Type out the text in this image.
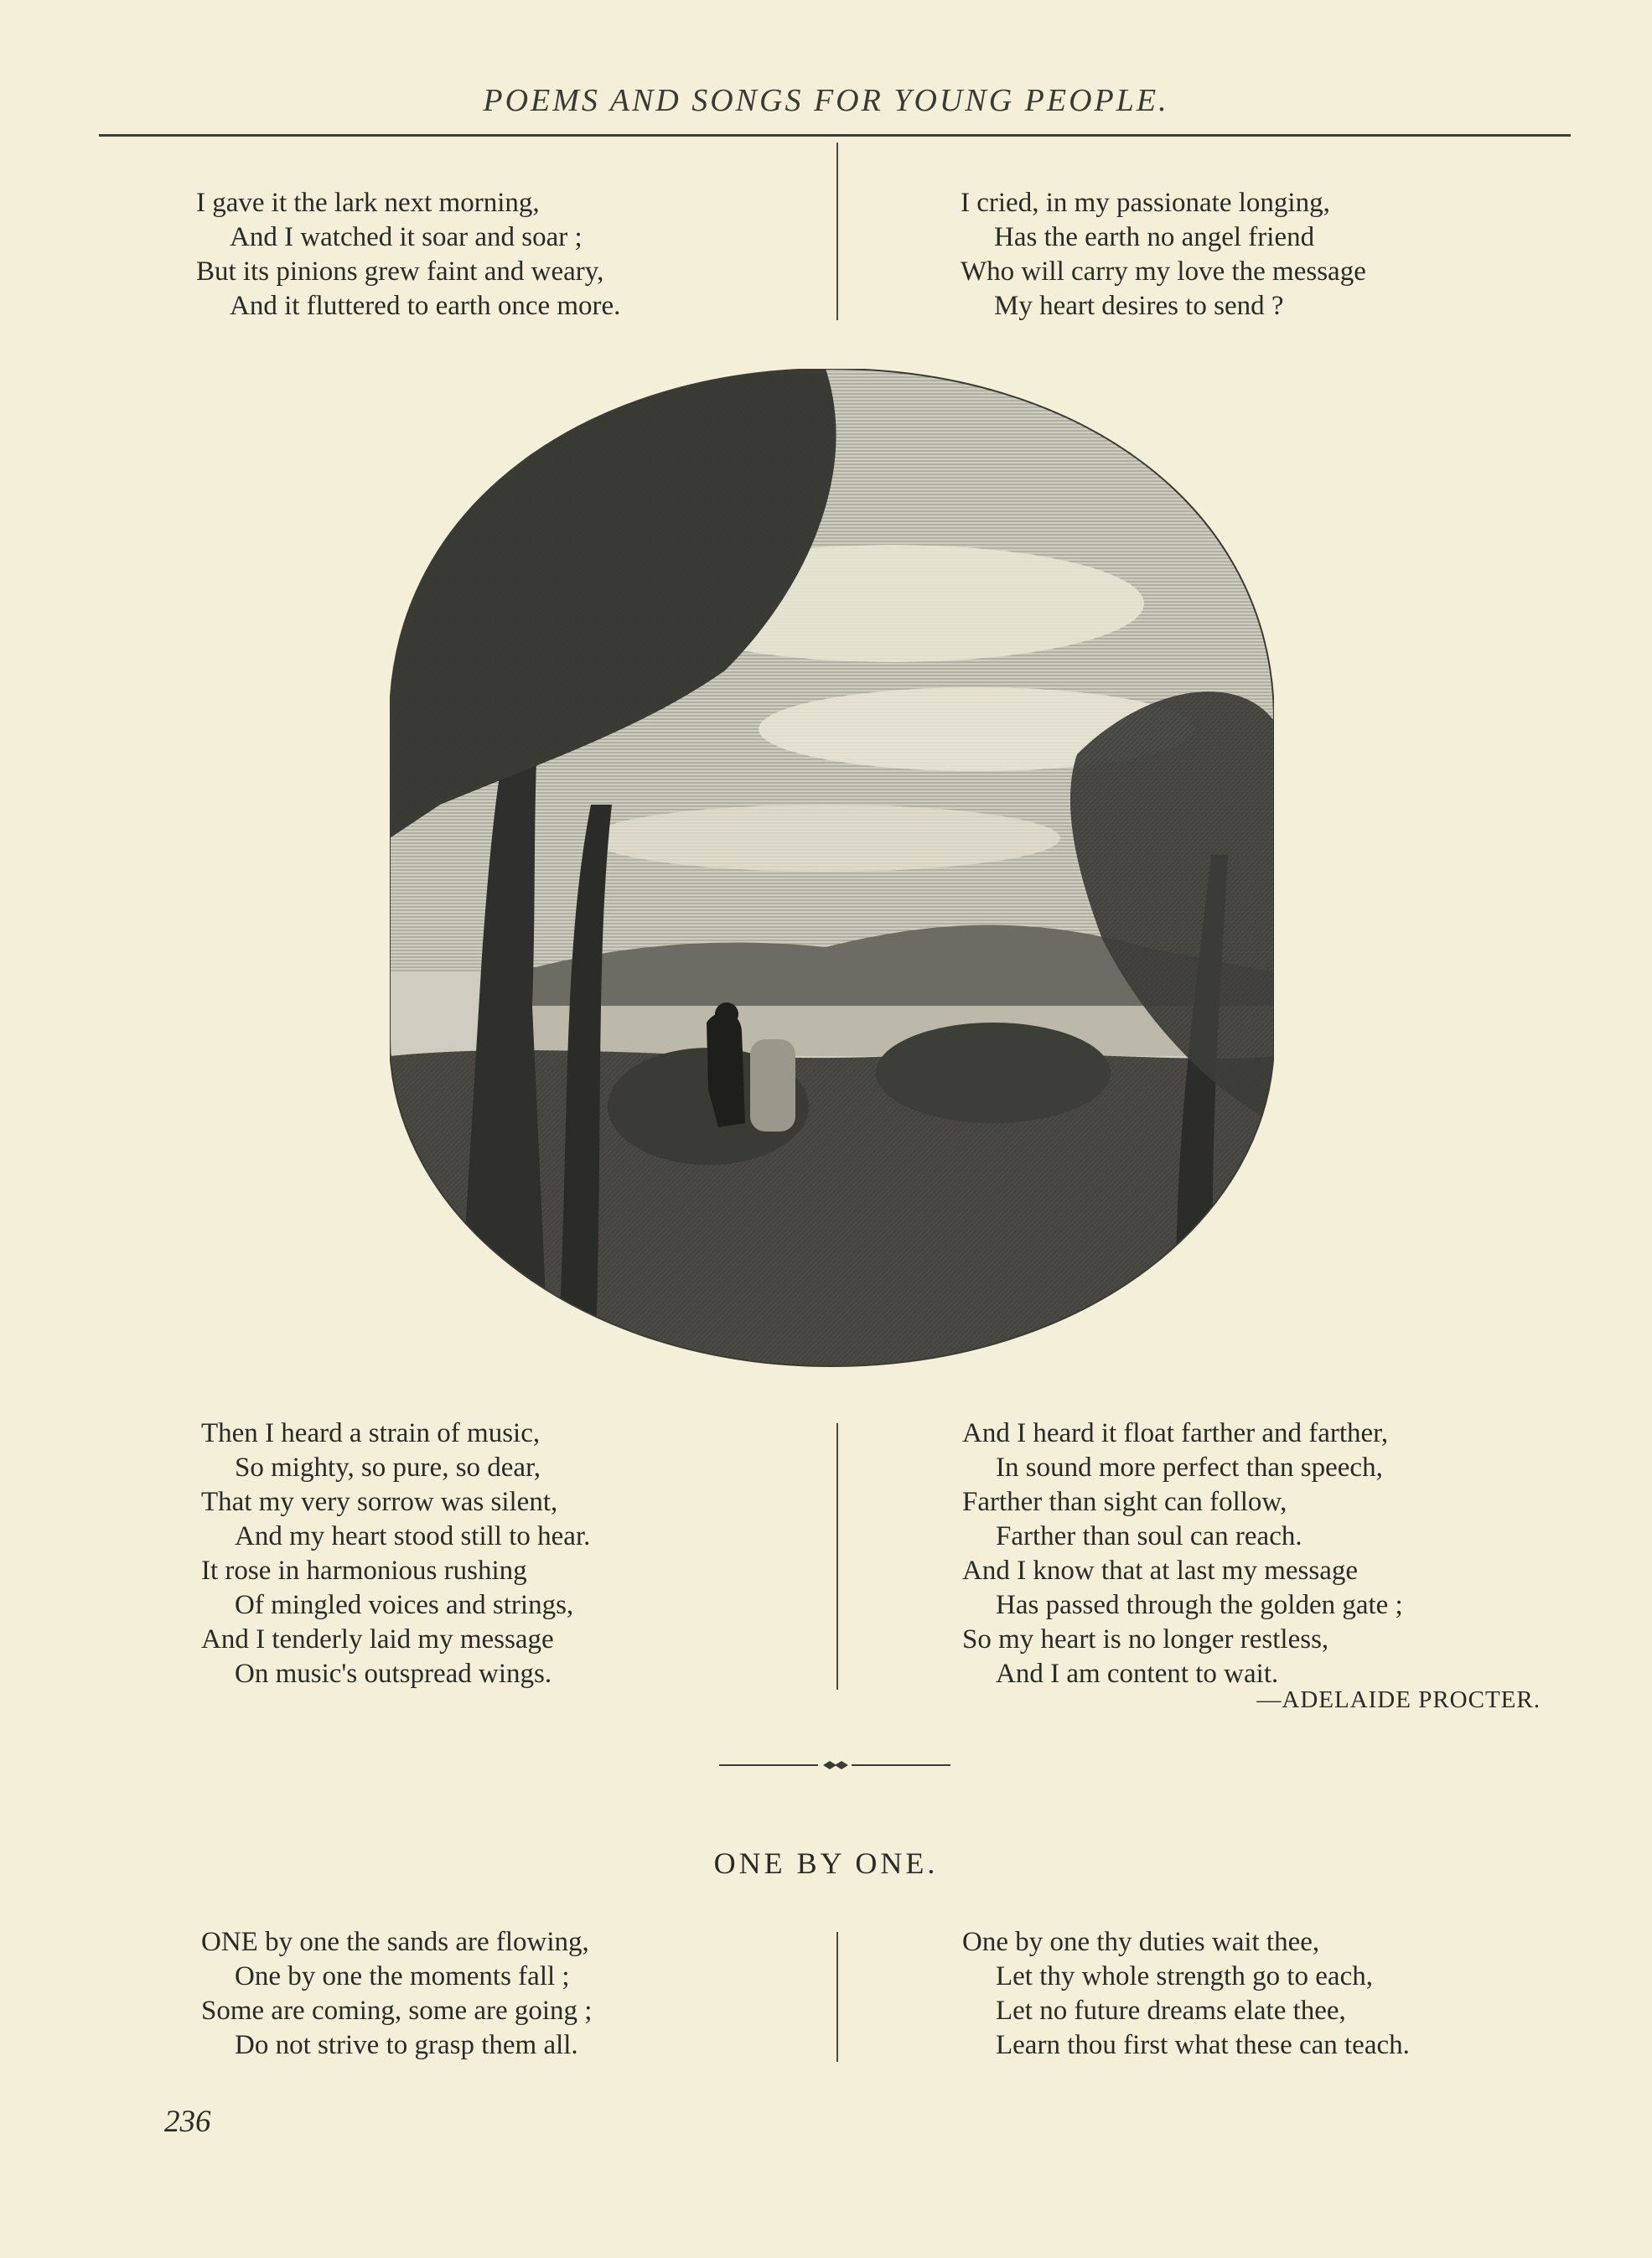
POEMS AND SONGS FOR YOUNG PEOPLE.
I gave it the lark next morning,
And I watched it soar and soar ;
But its pinions grew faint and weary,
And it fluttered to earth once more.
I cried, in my passionate longing,
Has the earth no angel friend
Who will carry my love the message
My heart desires to send ?
Then I heard a strain of music,
So mighty, so pure, so dear,
That my very sorrow was silent,
And my heart stood still to hear.
It rose in harmonious rushing
Of mingled voices and strings,
And I tenderly laid my message
On music's outspread wings.
And I heard it float farther and farther,
In sound more perfect than speech,
Farther than sight can follow,
Farther than soul can reach.
And I know that at last my message
Has passed through the golden gate ;
So my heart is no longer restless,
And I am content to wait.
—ADELAIDE PROCTER.
ONE BY ONE.
ONE by one the sands are flowing,
One by one the moments fall ;
Some are coming, some are going ;
Do not strive to grasp them all.
One by one thy duties wait thee,
Let thy whole strength go to each,
Let no future dreams elate thee,
Learn thou first what these can teach.
236
